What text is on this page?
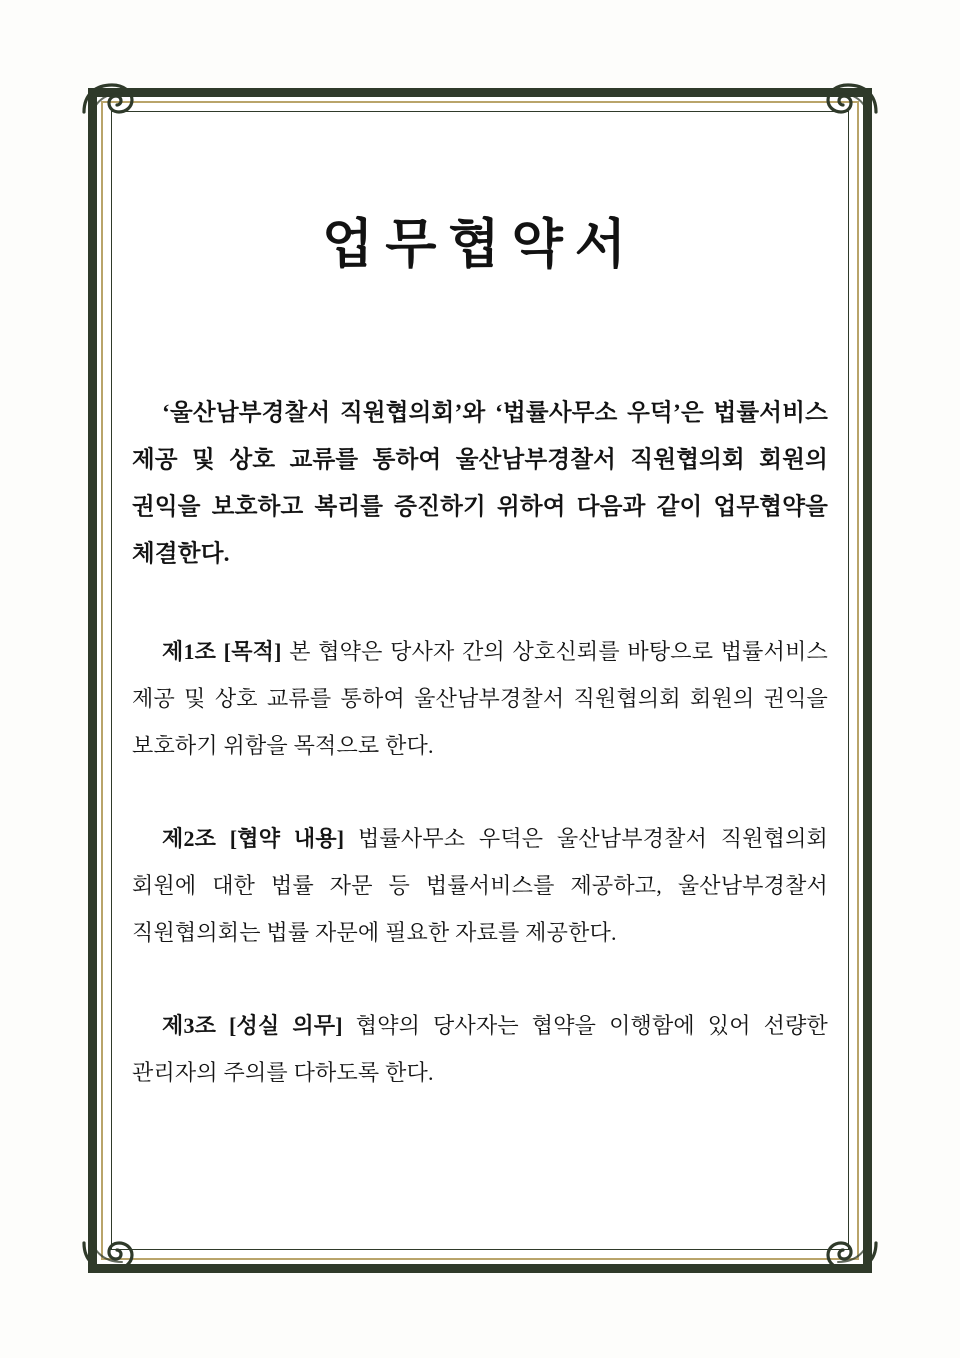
업무협약서

‘울산남부경찰서 직원협의회’와 ‘법률사무소 우덕’은 법률서비스 제공 및 상호 교류를 통하여 울산남부경찰서 직원협의회 회원의 권익을 보호하고 복리를 증진하기 위하여 다음과 같이 업무협약을 체결한다.

제1조 [목적] 본 협약은 당사자 간의 상호신뢰를 바탕으로 법률서비스 제공 및 상호 교류를 통하여 울산남부경찰서 직원협의회 회원의 권익을 보호하기 위함을 목적으로 한다.

제2조 [협약 내용] 법률사무소 우덕은 울산남부경찰서 직원협의회 회원에 대한 법률 자문 등 법률서비스를 제공하고, 울산남부경찰서 직원협의회는 법률 자문에 필요한 자료를 제공한다.

제3조 [성실 의무] 협약의 당사자는 협약을 이행함에 있어 선량한 관리자의 주의를 다하도록 한다.
